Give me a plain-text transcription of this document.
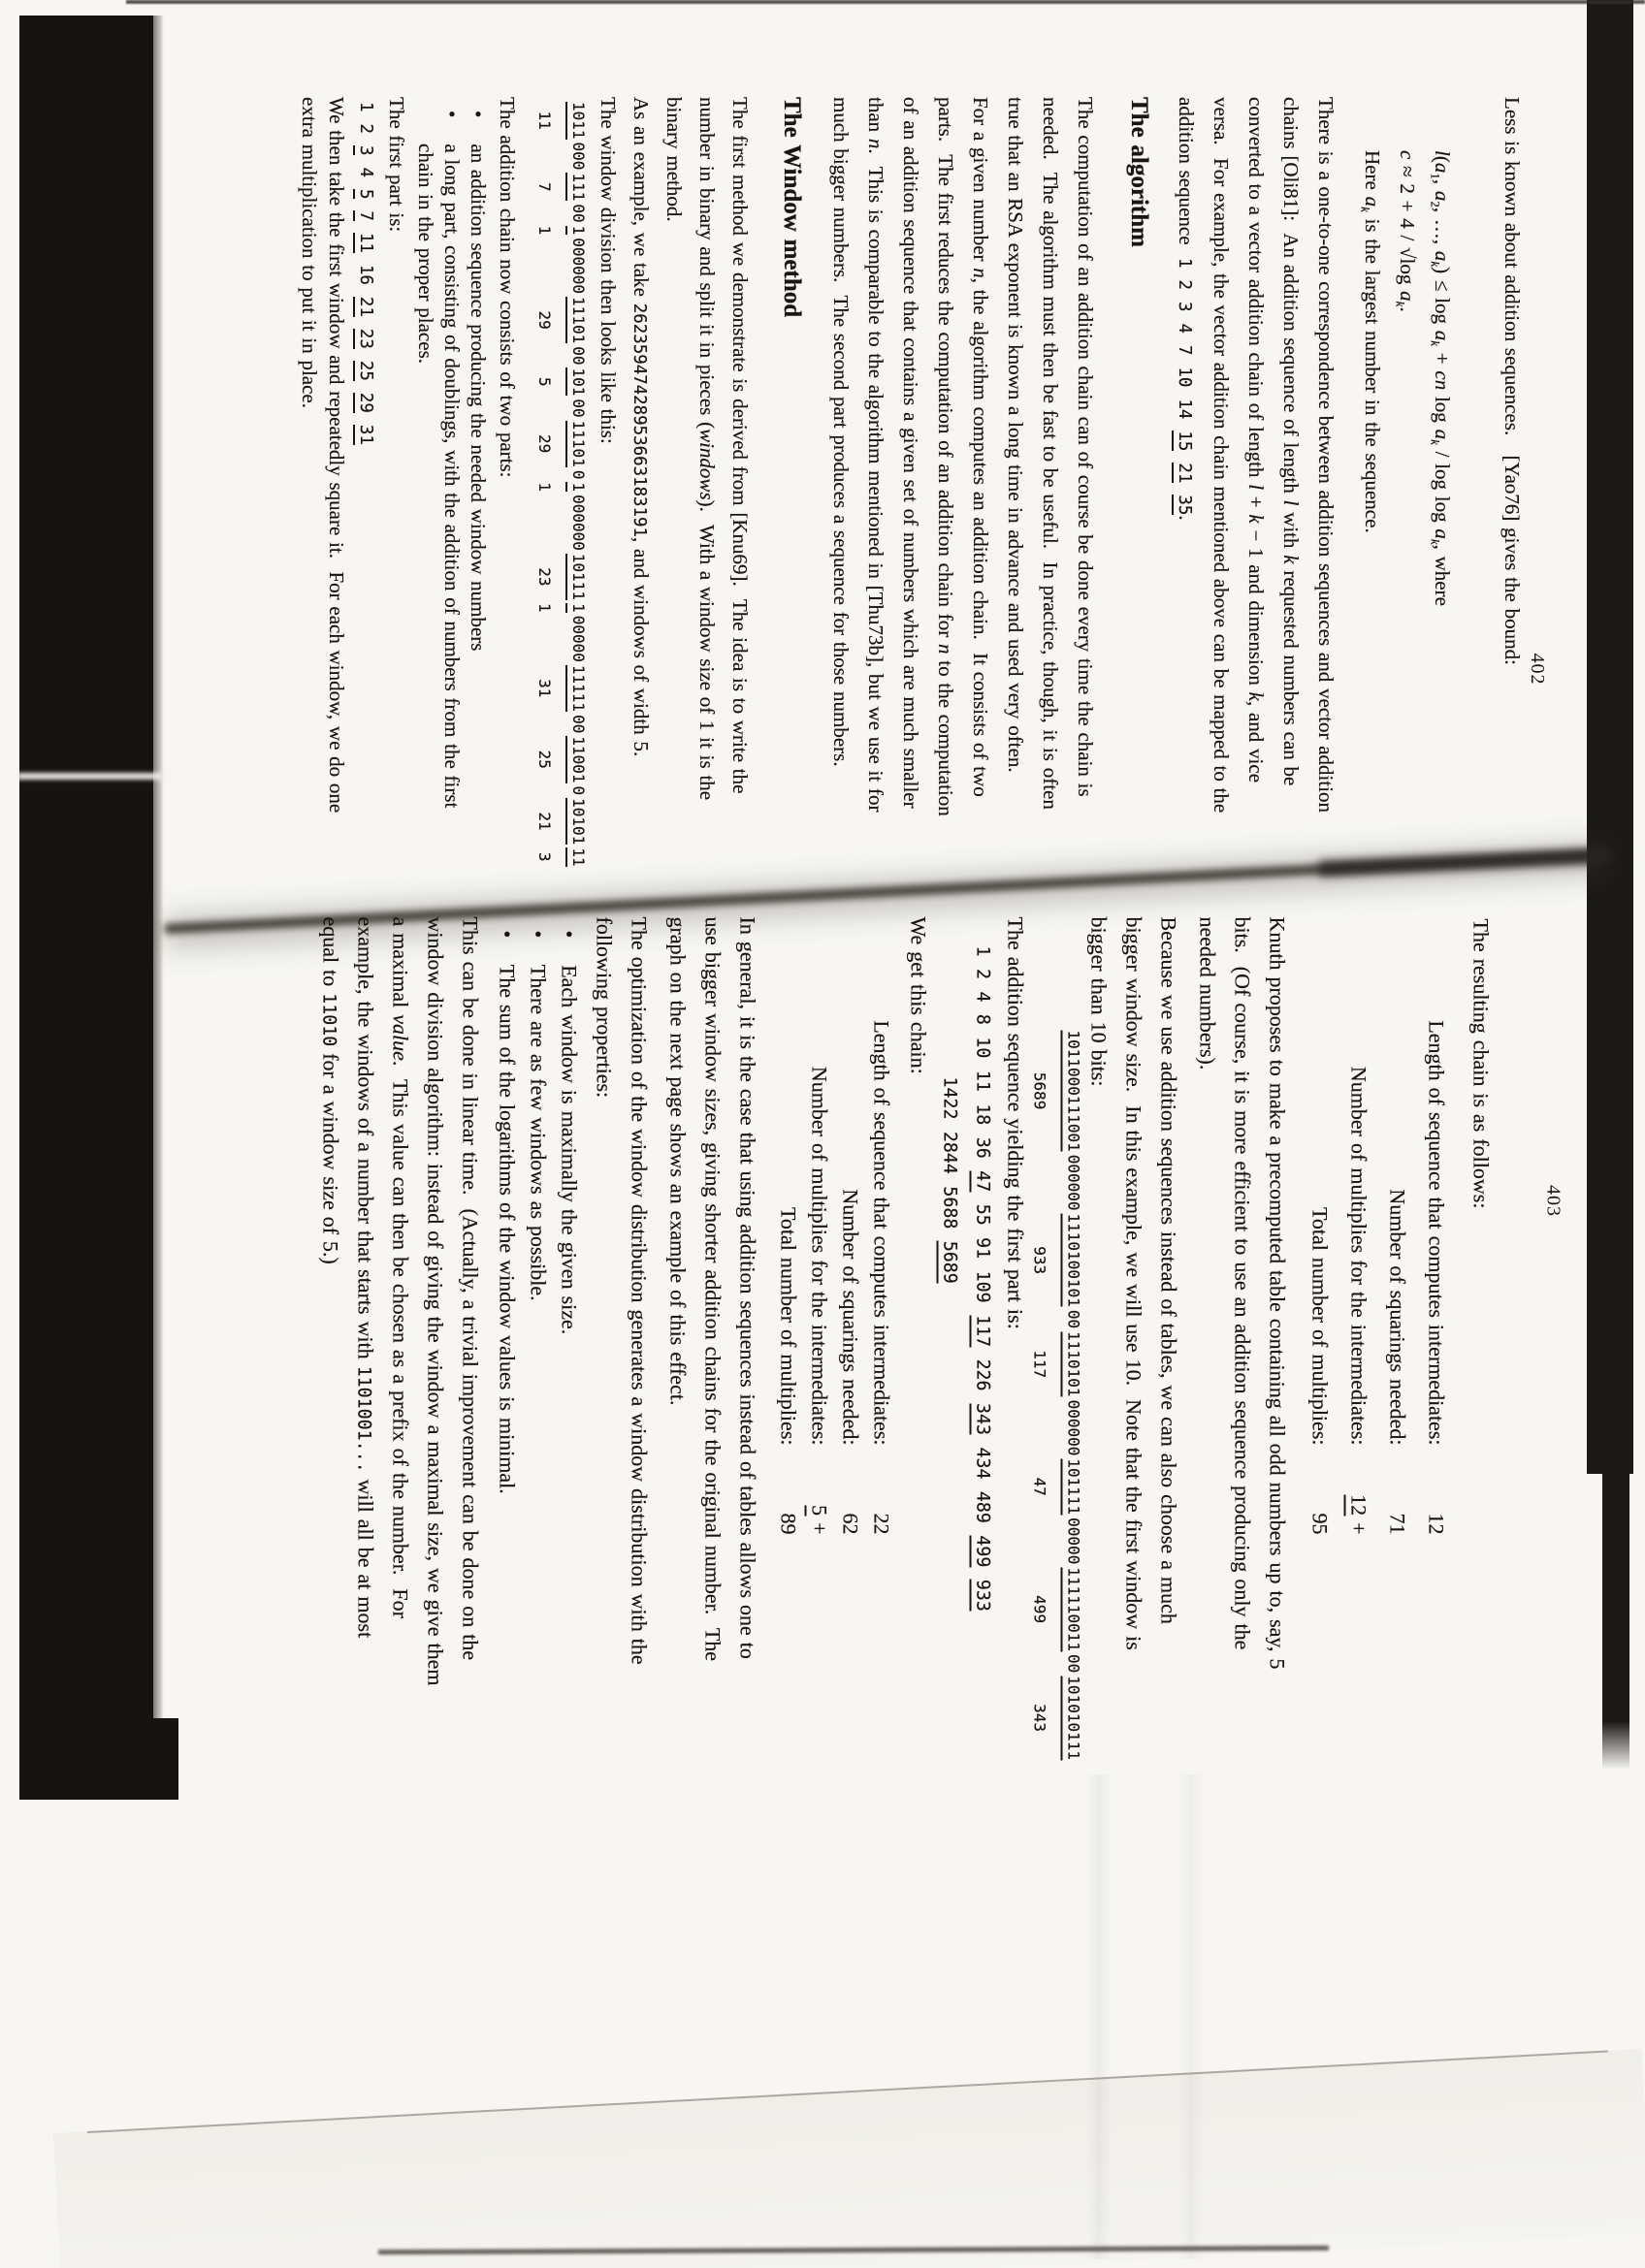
402
Less is known about addition sequences.   [Yao76] gives the bound:
$l(a_1$, $a_2$, …, $a_k) \le \log a_k$ + cn $\log a_k$ / $\log \log a_k$, where
c ≈ 2 + 4 / √log $a_k$.
Here $a_k$ is the largest number in the sequence.
There is a one-to-one correspondence between addition sequences and vector addition
chains [Oli81]:  An addition sequence of length l with k requested numbers can be
converted to a vector addition chain of length l + k − 1 and dimension k, and vice
versa.  For example, the vector addition chain mentioned above can be mapped to the
addition sequence  1 2 3 4 7 10 14 15 21 35.
The algorithm
The computation of an addition chain can of course be done every time the chain is
needed.  The algorithm must then be fast to be useful.  In practice, though, it is often
true that an RSA exponent is known a long time in advance and used very often.
For a given number n, the algorithm computes an addition chain.  It consists of two
parts.  The first reduces the computation of an addition chain for n to the computation
of an addition sequence that contains a given set of numbers which are much smaller
than n.  This is comparable to the algorithm mentioned in [Thu73b], but we use it for
much bigger numbers.  The second part produces a sequence for those numbers.
The Window method
The first method we demonstrate is derived from [Knu69].  The idea is to write the
number in binary and split it in pieces (windows).  With a window size of 1 it is the
binary method.
As an example, we take 26235947428953663183191, and windows of width 5.
The window division then looks like this:
101100011100100000011101001010011101010000001011110000011111001100101010111
11712952912313125213
The addition chain now consists of two parts:
•    an addition sequence producing the needed window numbers
•    a long part, consisting of doublings, with the addition of numbers from the first
chain in the proper places.
The first part is:
1 2 3 4 5 7 11 16 21 23 25 29 31
We then take the first window and repeatedly square it.  For each window, we do one
extra multiplication to put it in place.
403
The resulting chain is as follows:
Length of sequence that computes intermediates:12
Number of squarings needed:71
Number of multiplies for the intermediates:12 +
Total number of multiplies:95
Knuth proposes to make a precomputed table containing all odd numbers up to, say, 5
bits.  (Of course, it is more efficient to use an addition sequence producing only the
needed numbers).
Because we use addition sequences instead of tables, we can also choose a much
bigger window size.  In this example, we will use 10.  Note that the first window is
bigger than 10 bits:
101100011100100000011101001010011101010000001011110000011111001100101010111
568993311747499343
The addition sequence yielding the first part is:
1 2 4 8 10 11 18 36 47 55 91 109 117 226 343 434 489 499 933
1422 2844 5688 5689
We get this chain:
Length of sequence that computes intermediates:22
Number of squarings needed:62
Number of multiplies for the intermediates:5 +
Total number of multiplies:89
In general, it is the case that using addition sequences instead of tables allows one to
use bigger window sizes, giving shorter addition chains for the original number.  The
graph on the next page shows an example of this effect.
The optimization of the window distribution generates a window distribution with the
following properties:
•    Each window is maximally the given size.
•    There are as few windows as possible.
•    The sum of the logarithms of the window values is minimal.
This can be done in linear time.  (Actually, a trivial improvement can be done on the
window division algorithm: instead of giving the window a maximal size, we give them
a maximal value.  This value can then be chosen as a prefix of the number.  For
example, the windows of a number that starts with 1101001... will all be at most
equal to 11010 for a window size of 5.)
